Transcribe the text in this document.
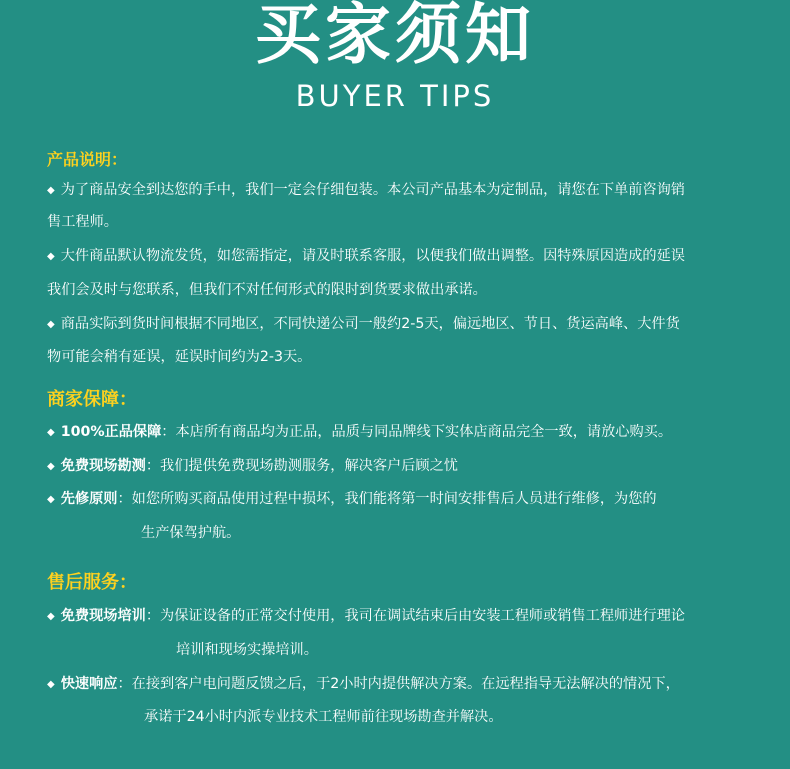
买家须知
BUYER TIPS
产品说明：
◆ 为了商品安全到达您的手中，我们一定会仔细包装。本公司产品基本为定制品，请您在下单前咨询销
售工程师。
◆ 大件商品默认物流发货，如您需指定，请及时联系客服，以便我们做出调整。因特殊原因造成的延误
我们会及时与您联系，但我们不对任何形式的限时到货要求做出承诺。
◆ 商品实际到货时间根据不同地区，不同快递公司一般约2-5天，偏远地区、节日、货运高峰、大件货
物可能会稍有延误，延误时间约为2-3天。
商家保障：
◆ 100%正品保障：本店所有商品均为正品，品质与同品牌线下实体店商品完全一致，请放心购买。
◆ 免费现场勘测：我们提供免费现场勘测服务，解决客户后顾之忧
◆ 先修原则：如您所购买商品使用过程中损坏，我们能将第一时间安排售后人员进行维修，为您的
生产保驾护航。
售后服务：
◆ 免费现场培训：为保证设备的正常交付使用，我司在调试结束后由安装工程师或销售工程师进行理论
培训和现场实操培训。
◆ 快速响应：在接到客户电问题反馈之后，于2小时内提供解决方案。在远程指导无法解决的情况下，
承诺于24小时内派专业技术工程师前往现场勘查并解决。
